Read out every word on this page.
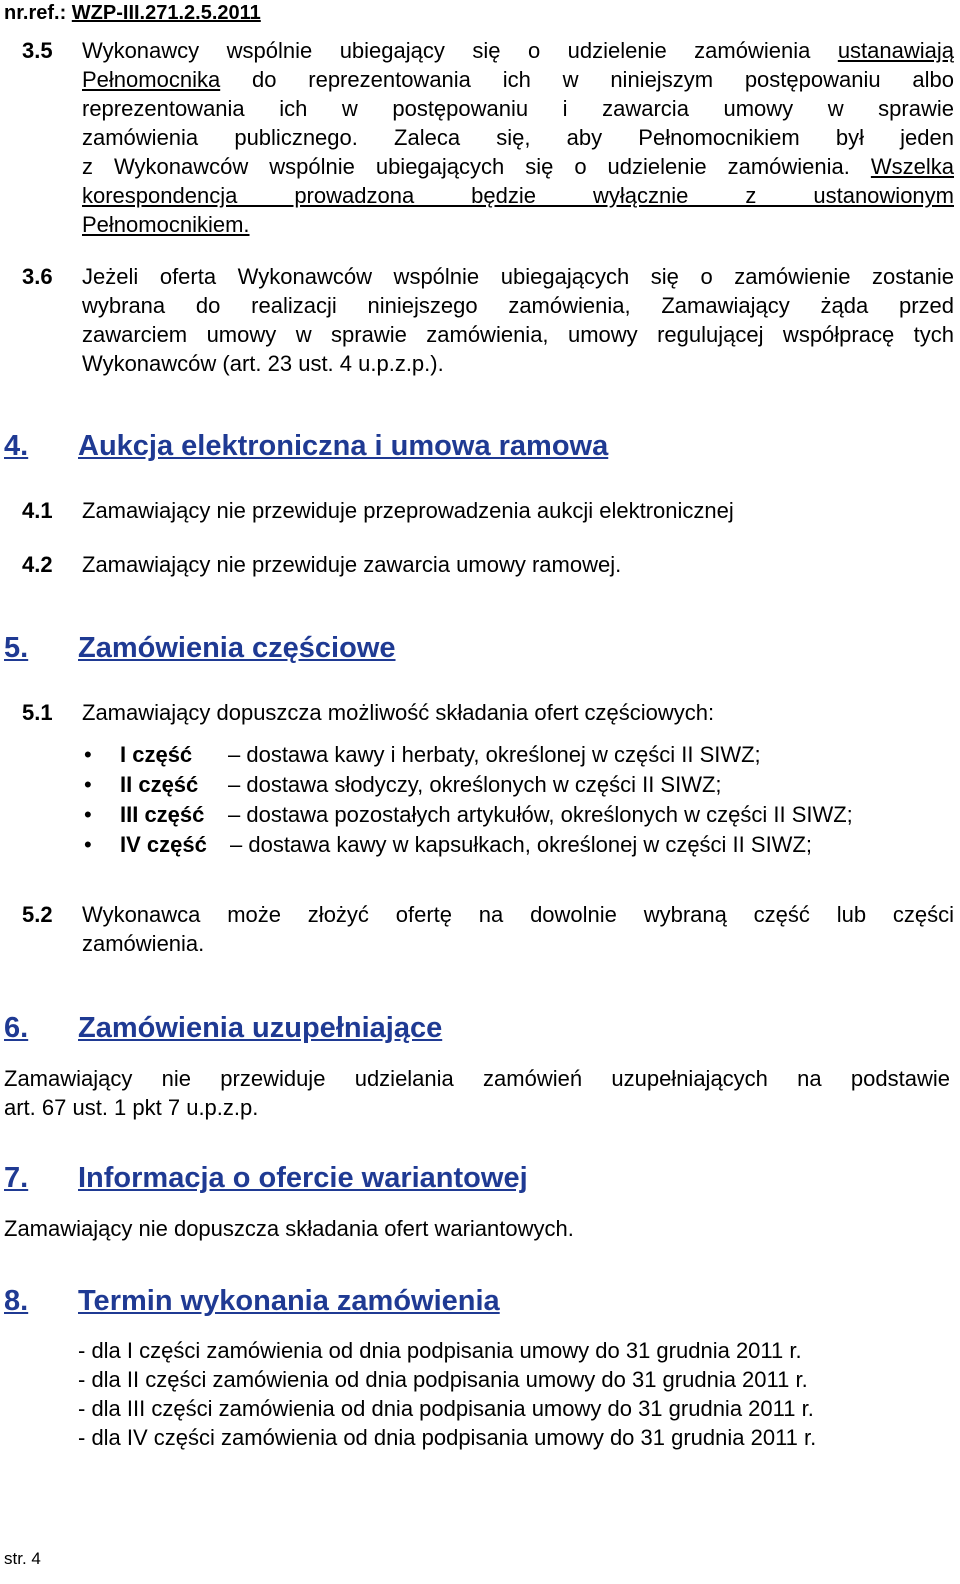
nr.ref.: WZP-III.271.2.5.2011
3.5 Wykonawcy wspólnie ubiegający się o udzielenie zamówienia ustanawiają
Pełnomocnika do reprezentowania ich w niniejszym postępowaniu albo
reprezentowania ich w postępowaniu i zawarcia umowy w sprawie
zamówienia publicznego. Zaleca się, aby Pełnomocnikiem był jeden
z Wykonawców wspólnie ubiegających się o udzielenie zamówienia. Wszelka
korespondencja prowadzona będzie wyłącznie z ustanowionym
Pełnomocnikiem.
3.6 Jeżeli oferta Wykonawców wspólnie ubiegających się o zamówienie zostanie
wybrana do realizacji niniejszego zamówienia, Zamawiający żąda przed
zawarciem umowy w sprawie zamówienia, umowy regulującej współpracę tych
Wykonawców (art. 23 ust. 4 u.p.z.p.).
4. Aukcja elektroniczna i umowa ramowa
4.1 Zamawiający nie przewiduje przeprowadzenia aukcji elektronicznej
4.2 Zamawiający nie przewiduje zawarcia umowy ramowej.
5. Zamówienia częściowe
5.1 Zamawiający dopuszcza możliwość składania ofert częściowych:
• I część – dostawa kawy i herbaty, określonej w części II SIWZ;
• II część – dostawa słodyczy, określonych w części II SIWZ;
• III część – dostawa pozostałych artykułów, określonych w części II SIWZ;
• IV część – dostawa kawy w kapsułkach, określonej w części II SIWZ;
5.2 Wykonawca może złożyć ofertę na dowolnie wybraną część lub części
zamówienia.
6. Zamówienia uzupełniające
Zamawiający nie przewiduje udzielania zamówień uzupełniających na podstawie
art. 67 ust. 1 pkt 7 u.p.z.p.
7. Informacja o ofercie wariantowej
Zamawiający nie dopuszcza składania ofert wariantowych.
8. Termin wykonania zamówienia
- dla I części zamówienia od dnia podpisania umowy do 31 grudnia 2011 r.
- dla II części zamówienia od dnia podpisania umowy do 31 grudnia 2011 r.
- dla III części zamówienia od dnia podpisania umowy do 31 grudnia 2011 r.
- dla IV części zamówienia od dnia podpisania umowy do 31 grudnia 2011 r.
str. 4
